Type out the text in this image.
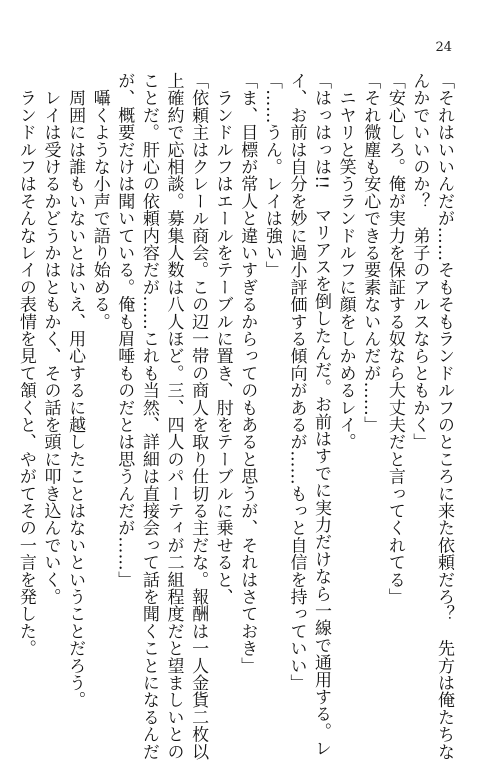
24
「それはいいんだが……そもそもランドルフのところに来た依頼だろ？　先方は俺たちな
んかでいいのか？　弟子のアルスならともかく」
「安心しろ。俺が実力を保証する奴なら大丈夫だと言ってくれてる」
「それ微塵も安心できる要素ないんだが……」
　ニヤリと笑うランドルフに顔をしかめるレイ。
「はっはっは!!　マリアスを倒したんだ。お前はすでに実力だけなら一線で通用する。レ
イ、お前は自分を妙に過小評価する傾向があるが……もっと自信を持っていい」
「……うん。レイは強い」
「ま、目標が常人と違いすぎるからってのもあると思うが、それはさておき」
　ランドルフはエールをテーブルに置き、肘をテーブルに乗せると、
「依頼主はクレール商会。この辺一帯の商人を取り仕切る主だな。報酬は一人金貨二枚以
上確約で応相談。募集人数は八人ほど。三、四人のパーティが二組程度だと望ましいとの
ことだ。肝心の依頼内容だが……これも当然、詳細は直接会って話を聞くことになるんだ
が、概要だけは聞いている。俺も眉唾ものだとは思うんだが……」
　囁くような小声で語り始める。
　周囲には誰もいないとはいえ、用心するに越したことはないということだろう。
　レイは受けるかどうかはともかく、その話を頭に叩き込んでいく。
　ランドルフはそんなレイの表情を見て頷くと、やがてその一言を発した。
